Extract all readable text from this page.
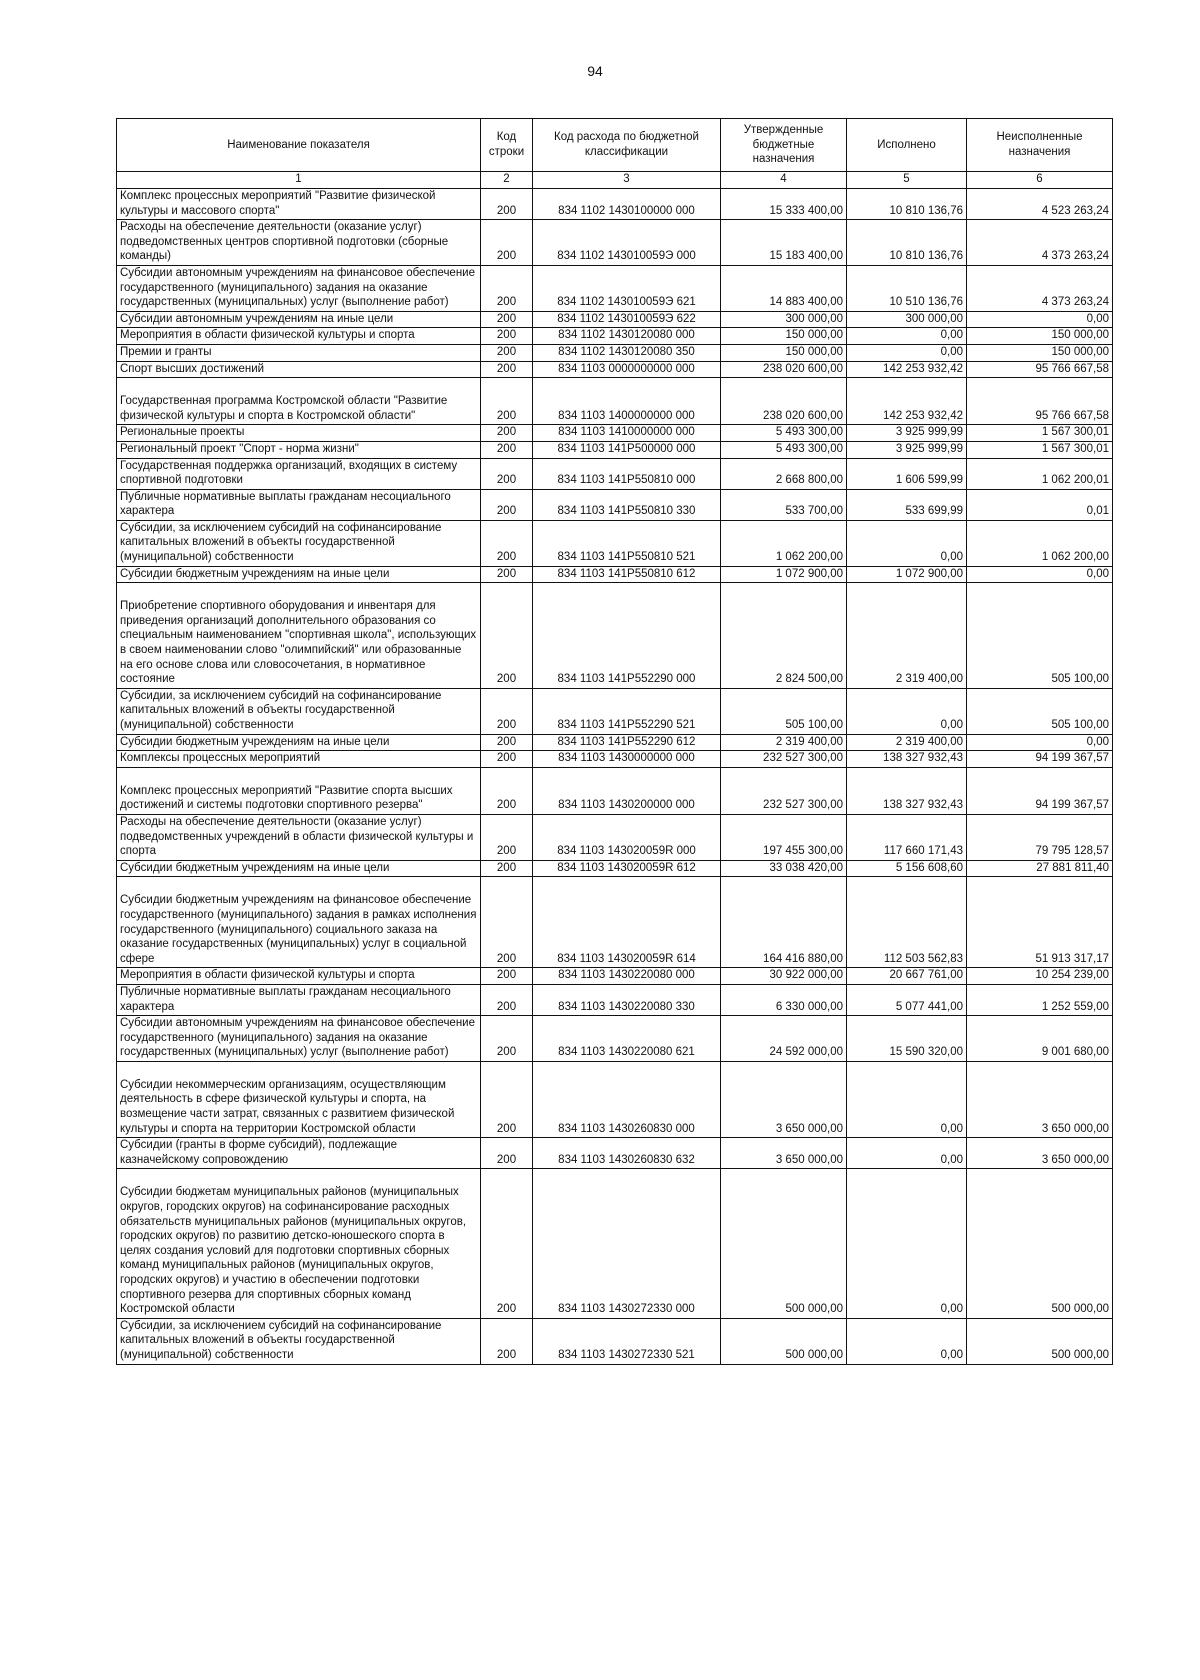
94
Наименование показателя	Код строки	Код расхода по бюджетной классификации	Утвержденные бюджетные назначения	Исполнено	Неисполненные назначения
1	2	3	4	5	6
Комплекс процессных мероприятий "Развитие физической культуры и массового спорта"	200	834 1102 1430100000 000	15 333 400,00	10 810 136,76	4 523 263,24
Расходы на обеспечение деятельности (оказание услуг) подведомственных центров спортивной подготовки (сборные команды)	200	834 1102 143010059Э 000	15 183 400,00	10 810 136,76	4 373 263,24
Субсидии автономным учреждениям на финансовое обеспечение государственного (муниципального) задания на оказание государственных (муниципальных) услуг (выполнение работ)	200	834 1102 143010059Э 621	14 883 400,00	10 510 136,76	4 373 263,24
Субсидии автономным учреждениям на иные цели	200	834 1102 143010059Э 622	300 000,00	300 000,00	0,00
Мероприятия в области физической культуры и спорта	200	834 1102 1430120080 000	150 000,00	0,00	150 000,00
Премии и гранты	200	834 1102 1430120080 350	150 000,00	0,00	150 000,00
Спорт высших достижений	200	834 1103 0000000000 000	238 020 600,00	142 253 932,42	95 766 667,58

Государственная программа Костромской области "Развитие физической культуры и спорта в Костромской области"	200	834 1103 1400000000 000	238 020 600,00	142 253 932,42	95 766 667,58
Региональные проекты	200	834 1103 1410000000 000	5 493 300,00	3 925 999,99	1 567 300,01
Региональный проект "Спорт - норма жизни"	200	834 1103 141P500000 000	5 493 300,00	3 925 999,99	1 567 300,01
Государственная поддержка организаций, входящих в систему спортивной подготовки	200	834 1103 141P550810 000	2 668 800,00	1 606 599,99	1 062 200,01
Публичные нормативные выплаты гражданам несоциального характера	200	834 1103 141P550810 330	533 700,00	533 699,99	0,01
Субсидии, за исключением субсидий на софинансирование капитальных вложений в объекты государственной (муниципальной) собственности	200	834 1103 141P550810 521	1 062 200,00	0,00	1 062 200,00
Субсидии бюджетным учреждениям на иные цели	200	834 1103 141P550810 612	1 072 900,00	1 072 900,00	0,00

Приобретение спортивного оборудования и инвентаря для приведения организаций дополнительного образования со специальным наименованием "спортивная школа", использующих в своем наименовании слово "олимпийский" или образованные на его основе слова или словосочетания, в нормативное состояние	200	834 1103 141P552290 000	2 824 500,00	2 319 400,00	505 100,00
Субсидии, за исключением субсидий на софинансирование капитальных вложений в объекты государственной (муниципальной) собственности	200	834 1103 141P552290 521	505 100,00	0,00	505 100,00
Субсидии бюджетным учреждениям на иные цели	200	834 1103 141P552290 612	2 319 400,00	2 319 400,00	0,00
Комплексы процессных мероприятий	200	834 1103 1430000000 000	232 527 300,00	138 327 932,43	94 199 367,57

Комплекс процессных мероприятий "Развитие спорта высших достижений и системы подготовки спортивного резерва"	200	834 1103 1430200000 000	232 527 300,00	138 327 932,43	94 199 367,57
Расходы на обеспечение деятельности (оказание услуг) подведомственных учреждений в области физической культуры и спорта	200	834 1103 143020059R 000	197 455 300,00	117 660 171,43	79 795 128,57
Субсидии бюджетным учреждениям на иные цели	200	834 1103 143020059R 612	33 038 420,00	5 156 608,60	27 881 811,40

Субсидии бюджетным учреждениям на финансовое обеспечение государственного (муниципального) задания в рамках исполнения государственного (муниципального) социального заказа на оказание государственных (муниципальных) услуг в социальной сфере	200	834 1103 143020059R 614	164 416 880,00	112 503 562,83	51 913 317,17
Мероприятия в области физической культуры и спорта	200	834 1103 1430220080 000	30 922 000,00	20 667 761,00	10 254 239,00
Публичные нормативные выплаты гражданам несоциального характера	200	834 1103 1430220080 330	6 330 000,00	5 077 441,00	1 252 559,00
Субсидии автономным учреждениям на финансовое обеспечение государственного (муниципального) задания на оказание государственных (муниципальных) услуг (выполнение работ)	200	834 1103 1430220080 621	24 592 000,00	15 590 320,00	9 001 680,00

Субсидии некоммерческим организациям, осуществляющим деятельность в сфере физической культуры и спорта, на возмещение части затрат, связанных с развитием физической культуры и спорта на территории Костромской области	200	834 1103 1430260830 000	3 650 000,00	0,00	3 650 000,00
Субсидии (гранты в форме субсидий), подлежащие казначейскому сопровождению	200	834 1103 1430260830 632	3 650 000,00	0,00	3 650 000,00

Субсидии бюджетам муниципальных районов (муниципальных округов, городских округов) на софинансирование расходных обязательств муниципальных районов (муниципальных округов, городских округов) по развитию детско-юношеского спорта в целях создания условий для подготовки спортивных сборных команд муниципальных районов (муниципальных округов, городских округов) и участию в обеспечении подготовки спортивного резерва для спортивных сборных команд Костромской области	200	834 1103 1430272330 000	500 000,00	0,00	500 000,00
Субсидии, за исключением субсидий на софинансирование капитальных вложений в объекты государственной (муниципальной) собственности	200	834 1103 1430272330 521	500 000,00	0,00	500 000,00
